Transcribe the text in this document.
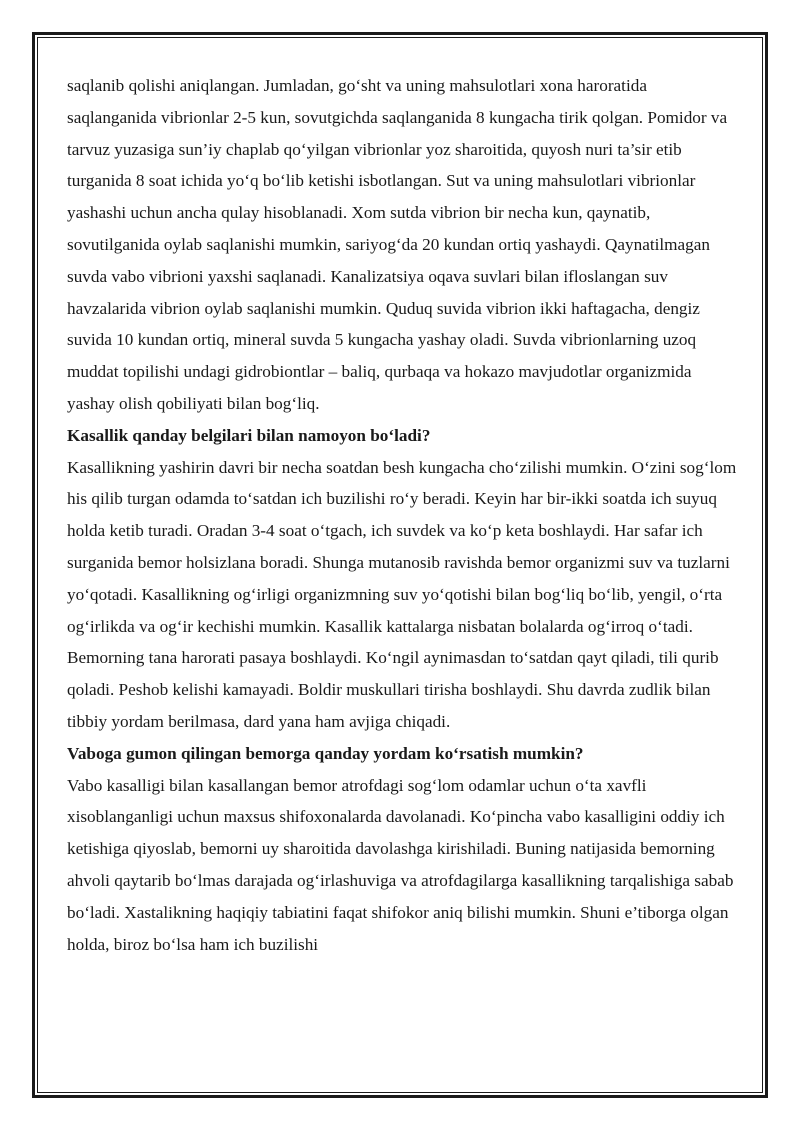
saqlanib qolishi aniqlangan. Jumladan, go‘sht va uning mahsulotlari xona haroratida saqlanganida vibrionlar 2-5 kun, sovutgichda saqlanganida 8 kungacha tirik qolgan. Pomidor va tarvuz yuzasiga sun’iy chaplab qo‘yilgan vibrionlar yoz sharoitida, quyosh nuri ta’sir etib turganida 8 soat ichida yo‘q bo‘lib ketishi isbotlangan. Sut va uning mahsulotlari vibrionlar yashashi uchun ancha qulay hisoblanadi. Xom sutda vibrion bir necha kun, qaynatib, sovutilganida oylab saqlanishi mumkin, sariyog‘da 20 kundan ortiq yashaydi. Qaynatilmagan suvda vabo vibrioni yaxshi saqlanadi. Kanalizatsiya oqava suvlari bilan ifloslangan suv havzalarida vibrion oylab saqlanishi mumkin. Quduq suvida vibrion ikki haftagacha, dengiz suvida 10 kundan ortiq, mineral suvda 5 kungacha yashay oladi. Suvda vibrionlarning uzoq muddat topilishi undagi gidrobiontlar – baliq, qurbaqa va hokazo mavjudotlar organizmida yashay olish qobiliyati bilan bog‘liq.

Kasallik qanday belgilari bilan namoyon bo‘ladi?

Kasallikning yashirin davri bir necha soatdan besh kungacha cho‘zilishi mumkin. O‘zini sog‘lom his qilib turgan odamda to‘satdan ich buzilishi ro‘y beradi. Keyin har bir-ikki soatda ich suyuq holda ketib turadi. Oradan 3-4 soat o‘tgach, ich suvdek va ko‘p keta boshlaydi. Har safar ich surganida bemor holsizlana boradi. Shunga mutanosib ravishda bemor organizmi suv va tuzlarni yo‘qotadi. Kasallikning og‘irligi organizmning suv yo‘qotishi bilan bog‘liq bo‘lib, yengil, o‘rta og‘irlikda va og‘ir kechishi mumkin. Kasallik kattalarga nisbatan bolalarda og‘irroq o‘tadi. Bemorning tana harorati pasaya boshlaydi. Ko‘ngil aynimasdan to‘satdan qayt qiladi, tili qurib qoladi. Peshob kelishi kamayadi. Boldir muskullari tirisha boshlaydi. Shu davrda zudlik bilan tibbiy yordam berilmasa, dard yana ham avjiga chiqadi.

Vaboga gumon qilingan bemorga qanday yordam ko‘rsatish mumkin?

Vabo kasalligi bilan kasallangan bemor atrofdagi sog‘lom odamlar uchun o‘ta xavfli xisoblanganligi uchun maxsus shifoxonalarda davolanadi. Ko‘pincha vabo kasalligini oddiy ich ketishiga qiyoslab, bemorni uy sharoitida davolashga kirishiladi. Buning natijasida bemorning ahvoli qaytarib bo‘lmas darajada og‘irlashuviga va atrofdagilarga kasallikning tarqalishiga sabab bo‘ladi. Xastalikning haqiqiy tabiatini faqat shifokor aniq bilishi mumkin. Shuni e’tiborga olgan holda, biroz bo‘lsa ham ich buzilishi
